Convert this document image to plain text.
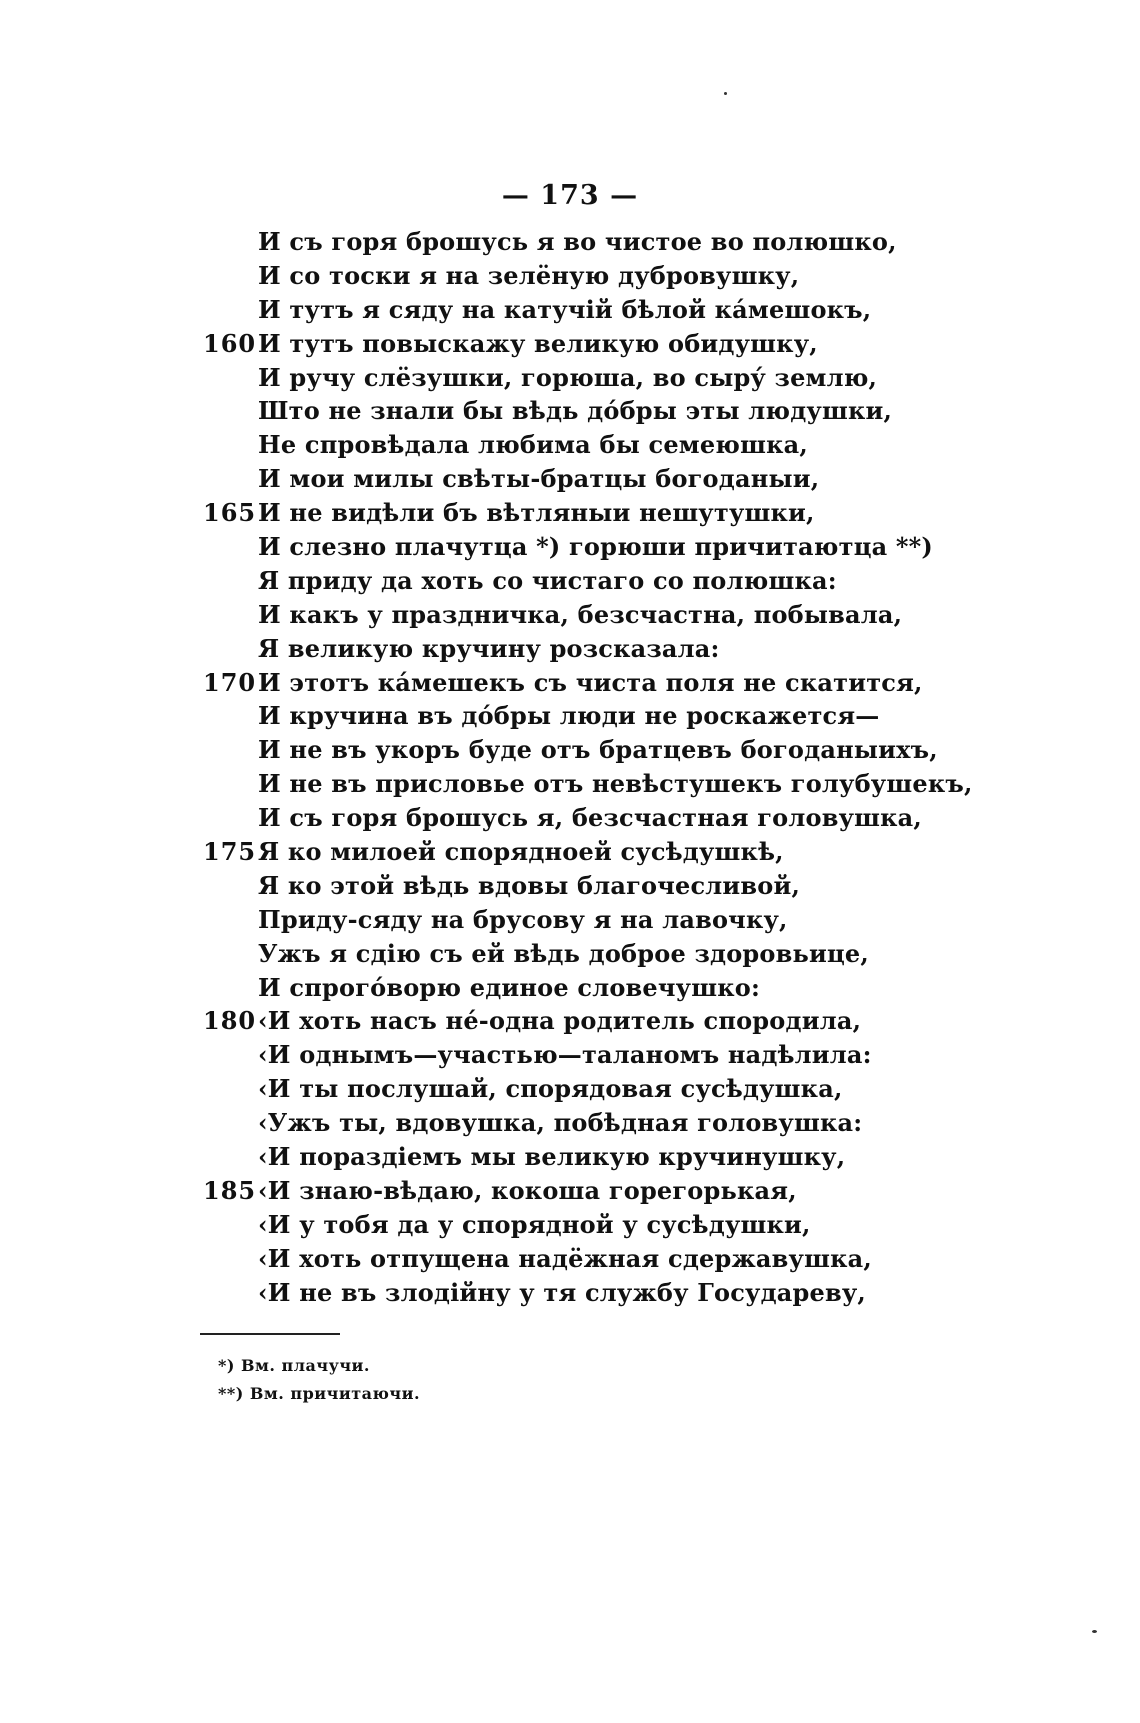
— 173 —
И съ горя брошусь я во чистое во полюшко,
И со тоски я на зелёную дубровушку,
И тутъ я сяду на катучій бѣлой ка́мешокъ,
160 И тутъ повыскажу великую обидушку,
И ручу слёзушки, горюша, во сыру́ землю,
Што не знали бы вѣдь до́бры эты людушки,
Не спровѣдала любима бы семеюшка,
И мои милы свѣты-братцы богоданыи,
165 И не видѣли бъ вѣтляныи нешутушки,
И слезно плачутца *) горюши причитаютца **)
Я приду да хоть со чистаго со полюшка:
И какъ у праздничка, безсчастна, побывала,
Я великую кручину розсказала:
170 И этотъ ка́мешекъ съ чиста поля не скатится,
И кручина въ до́бры люди не роскажется—
И не въ укоръ буде отъ братцевъ богоданыихъ,
И не въ присловье отъ невѣстушекъ голубушекъ,
И съ горя брошусь я, безсчастная головушка,
175 Я ко милоей спорядноей сусѣдушкѣ,
Я ко этой вѣдь вдовы благочесливой,
Приду-сяду на брусову я на лавочку,
Ужъ я сдію съ ей вѣдь доброе здоровьице,
И спрого́ворю единое словечушко:
180 ‹И хоть насъ не́-одна родитель спородила,
‹И однымъ—участью—таланомъ надѣлила:
‹И ты послушай, спорядовая сусѣдушка,
‹Ужъ ты, вдовушка, побѣдная головушка:
‹И поpaздіемъ мы великую кручинушку,
185 ‹И знаю-вѣдаю, кокоша горегорькая,
‹И у тобя да у спорядной у сусѣдушки,
‹И хоть отпущена надёжная сдержавушка,
‹И не въ злодійну у тя службу Государеву,
*) Вм. плачучи.
**) Вм. причитаючи.
